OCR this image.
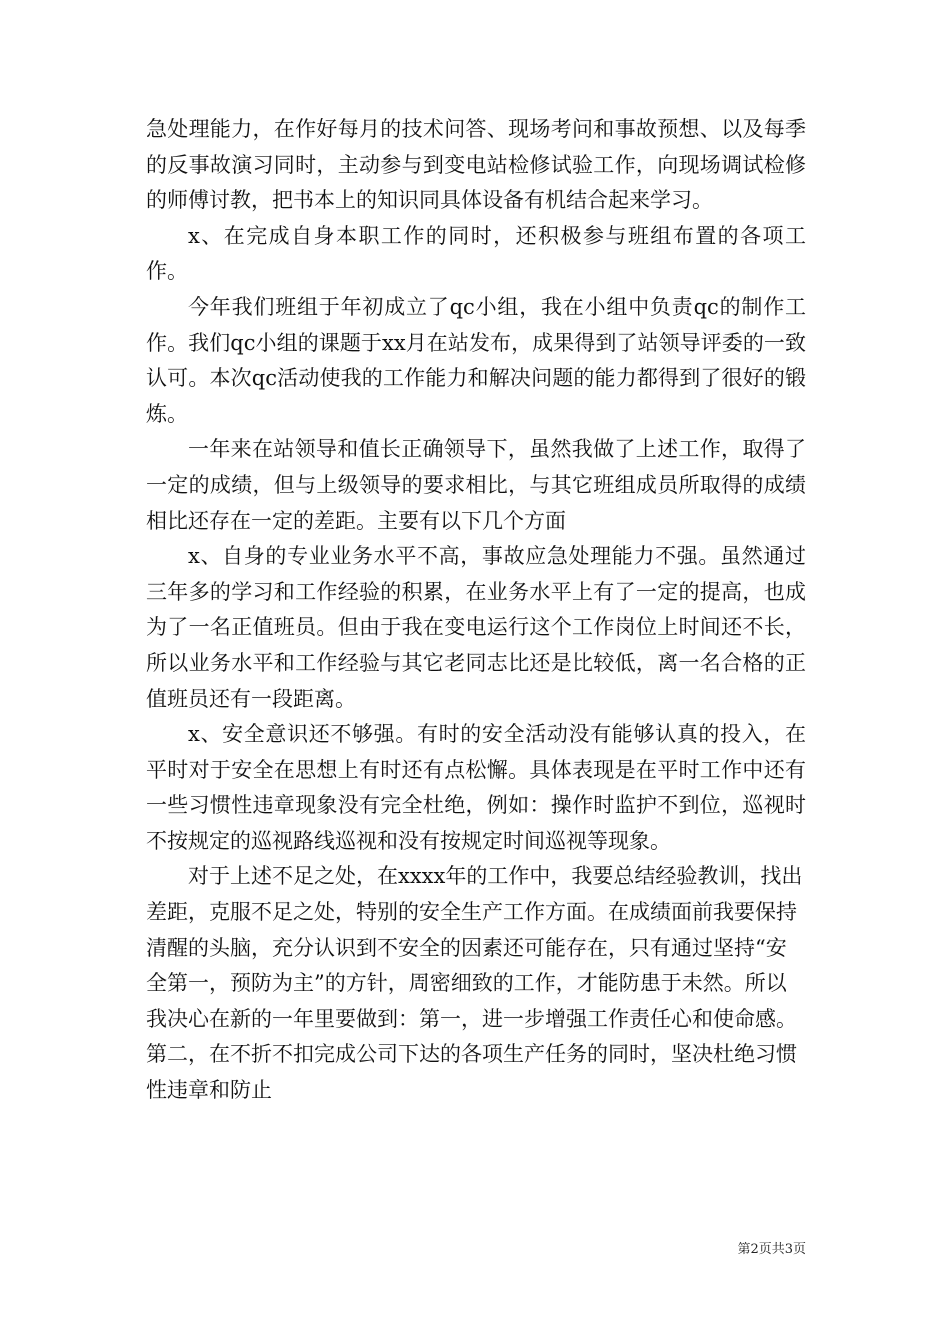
急处理能力，在作好每月的技术问答、现场考问和事故预想、以及每季的反事故演习同时，主动参与到变电站检修试验工作，向现场调试检修的师傅讨教，把书本上的知识同具体设备有机结合起来学习。

x、在完成自身本职工作的同时，还积极参与班组布置的各项工作。

今年我们班组于年初成立了qc小组，我在小组中负责qc的制作工作。我们qc小组的课题于xx月在站发布，成果得到了站领导评委的一致认可。本次qc活动使我的工作能力和解决问题的能力都得到了很好的锻炼。

一年来在站领导和值长正确领导下，虽然我做了上述工作，取得了一定的成绩，但与上级领导的要求相比，与其它班组成员所取得的成绩相比还存在一定的差距。主要有以下几个方面

x、自身的专业业务水平不高，事故应急处理能力不强。虽然通过三年多的学习和工作经验的积累，在业务水平上有了一定的提高，也成为了一名正值班员。但由于我在变电运行这个工作岗位上时间还不长，所以业务水平和工作经验与其它老同志比还是比较低，离一名合格的正值班员还有一段距离。

x、安全意识还不够强。有时的安全活动没有能够认真的投入，在平时对于安全在思想上有时还有点松懈。具体表现是在平时工作中还有一些习惯性违章现象没有完全杜绝，例如：操作时监护不到位，巡视时不按规定的巡视路线巡视和没有按规定时间巡视等现象。

对于上述不足之处，在xxxx年的工作中，我要总结经验教训，找出差距，克服不足之处，特别的安全生产工作方面。在成绩面前我要保持清醒的头脑，充分认识到不安全的因素还可能存在，只有通过坚持“安全第一，预防为主”的方针，周密细致的工作，才能防患于未然。所以我决心在新的一年里要做到：第一，进一步增强工作责任心和使命感。第二，在不折不扣完成公司下达的各项生产任务的同时，坚决杜绝习惯性违章和防止

第2页共3页
